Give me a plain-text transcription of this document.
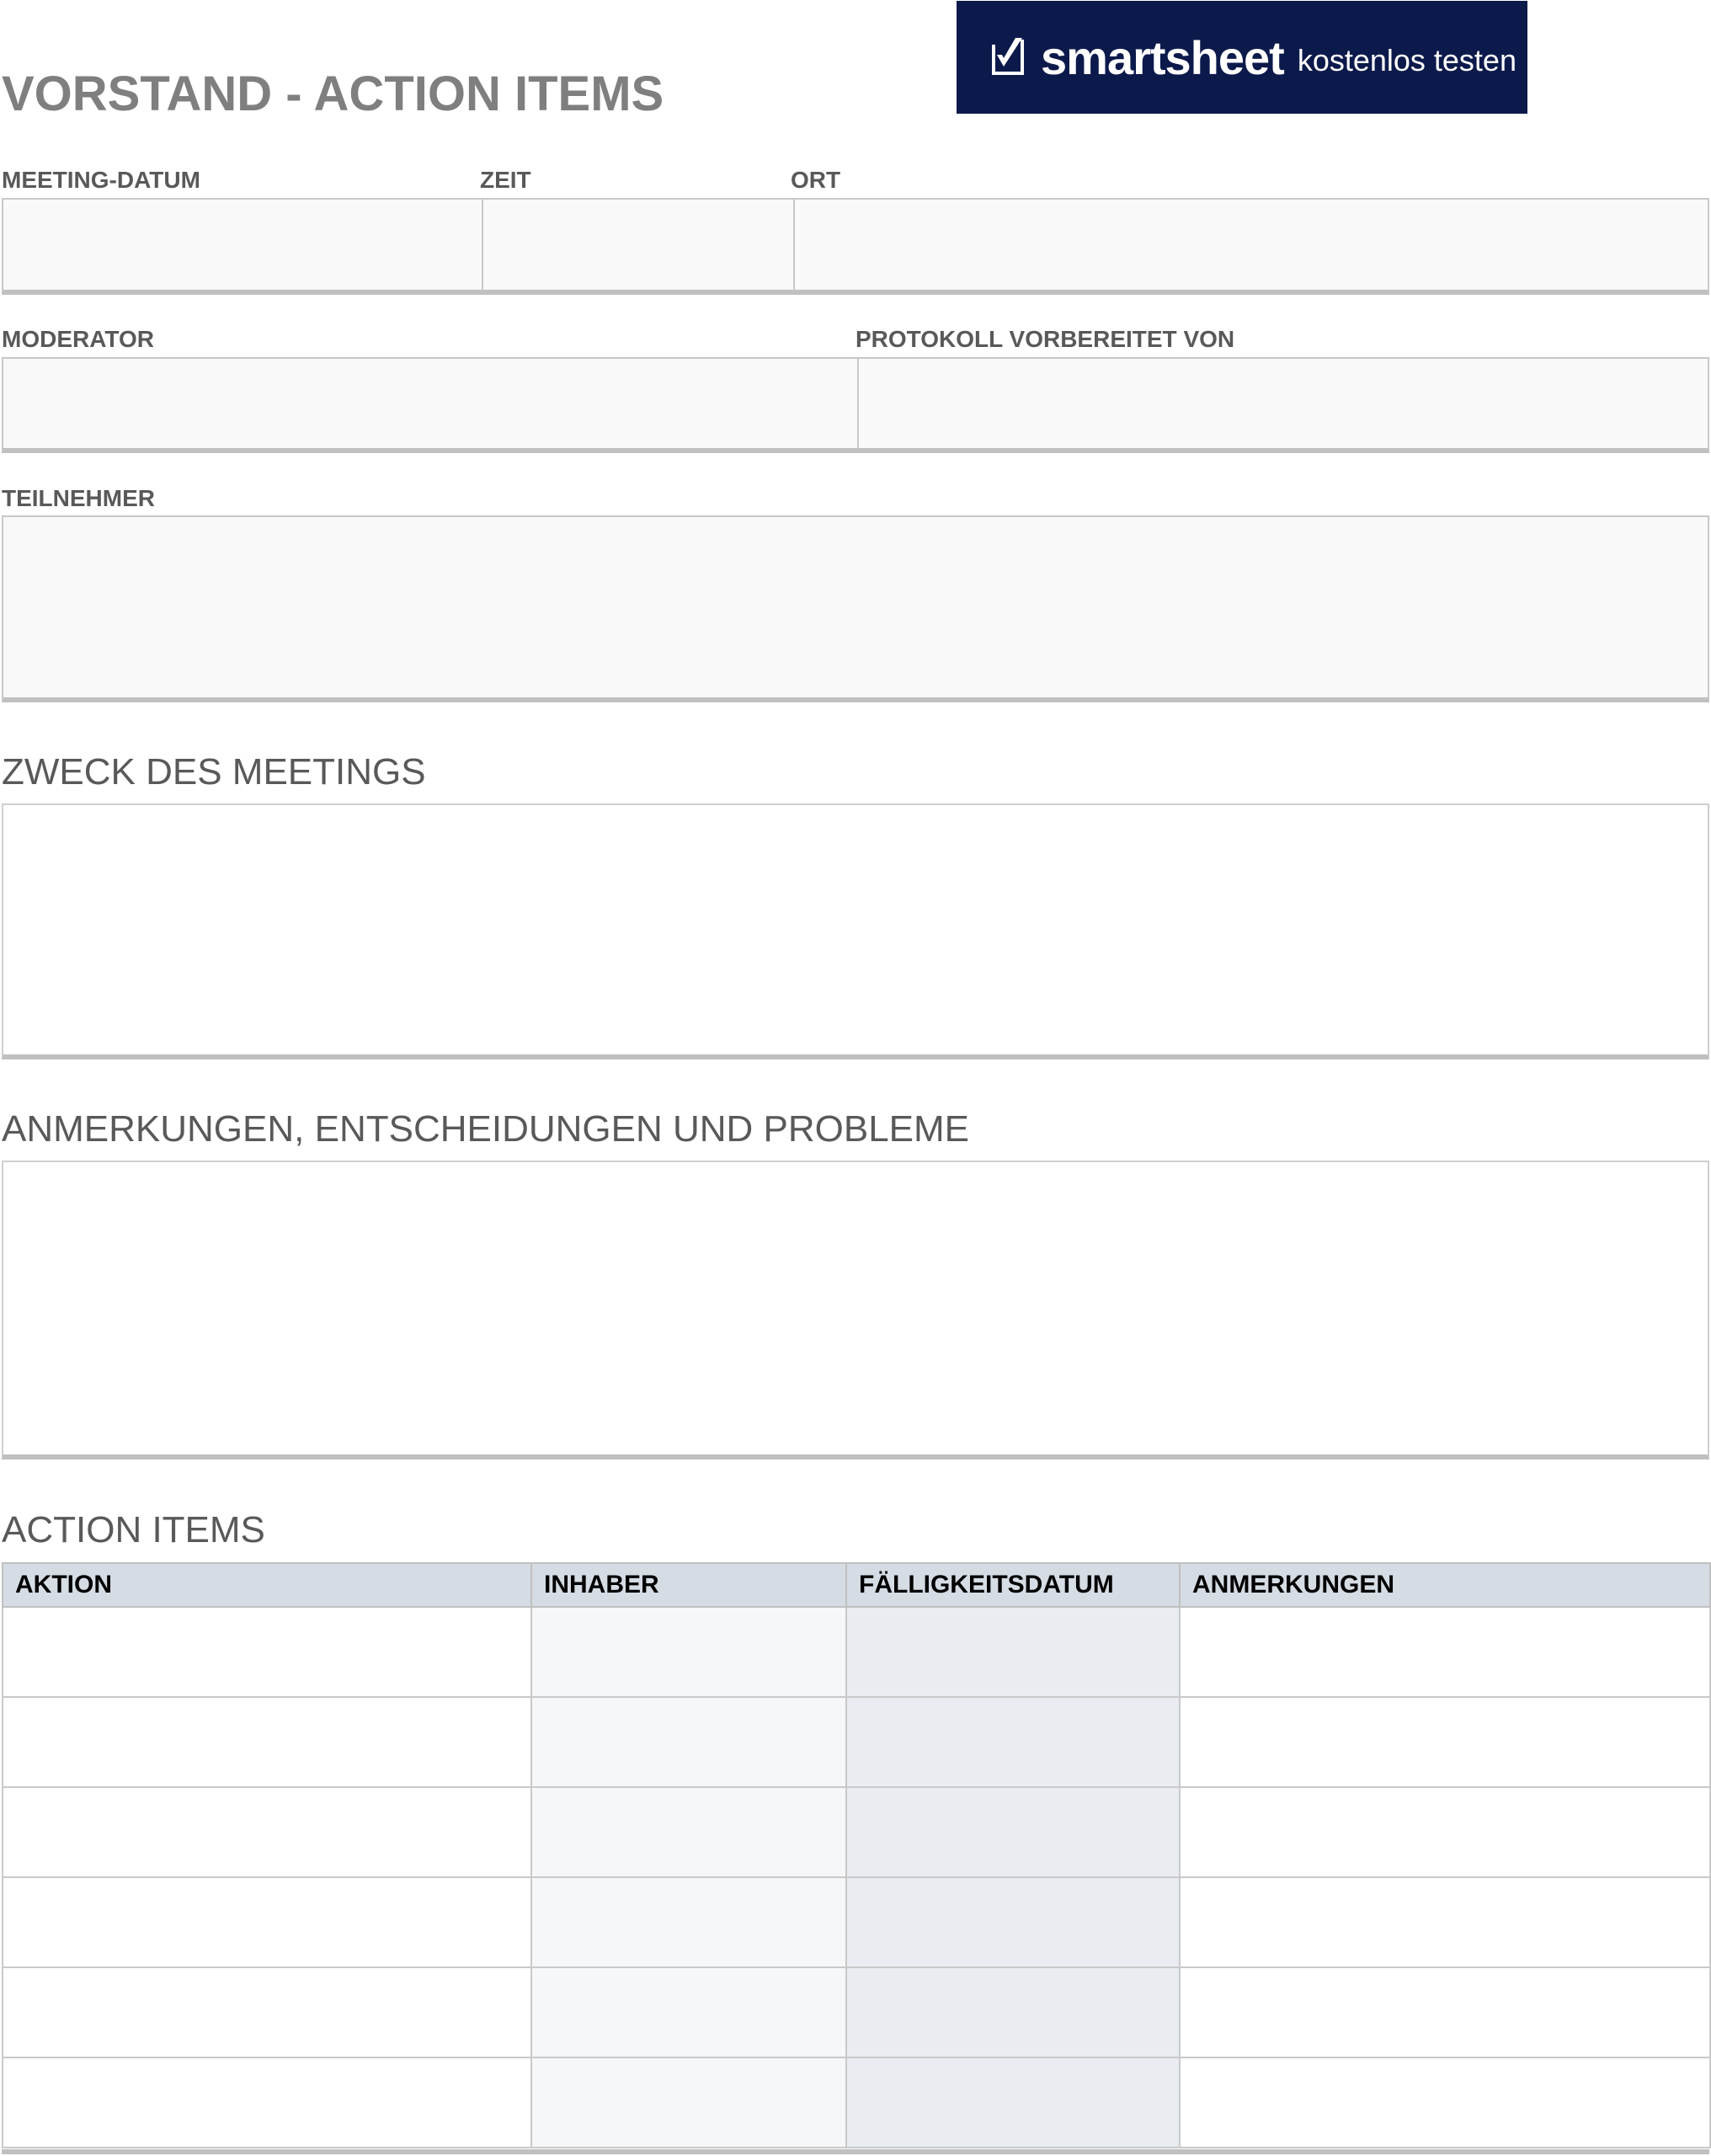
VORSTAND - ACTION ITEMS
smartsheet kostenlos testen
MEETING-DATUM	ZEIT	ORT
MODERATOR	PROTOKOLL VORBEREITET VON
TEILNEHMER
ZWECK DES MEETINGS
ANMERKUNGEN, ENTSCHEIDUNGEN UND PROBLEME
ACTION ITEMS
AKTION	INHABER	FÄLLIGKEITSDATUM	ANMERKUNGEN
